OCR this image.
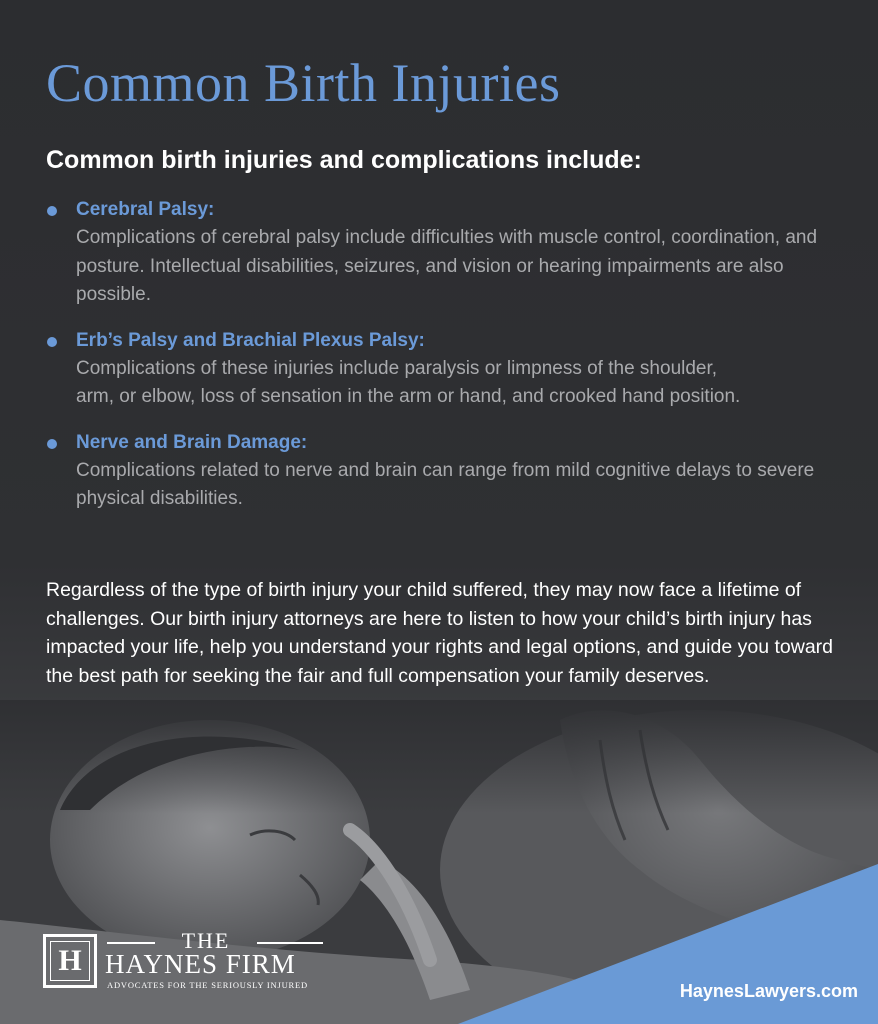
Common Birth Injuries
Common birth injuries and complications include:
Cerebral Palsy:
Complications of cerebral palsy include difficulties with muscle control, coordination, and posture. Intellectual disabilities, seizures, and vision or hearing impairments are also possible.
Erb’s Palsy and Brachial Plexus Palsy:
Complications of these injuries include paralysis or limpness of the shoulder, arm, or elbow, loss of sensation in the arm or hand, and crooked hand position.
Nerve and Brain Damage:
Complications related to nerve and brain can range from mild cognitive delays to severe physical disabilities.

Regardless of the type of birth injury your child suffered, they may now face a lifetime of challenges. Our birth injury attorneys are here to listen to how your child’s birth injury has impacted your life, help you understand your rights and legal options, and guide you toward the best path for seeking the fair and full compensation your family deserves.

HaynesLawyers.com
H
THE
HAYNES FIRM
ADVOCATES FOR THE SERIOUSLY INJURED
